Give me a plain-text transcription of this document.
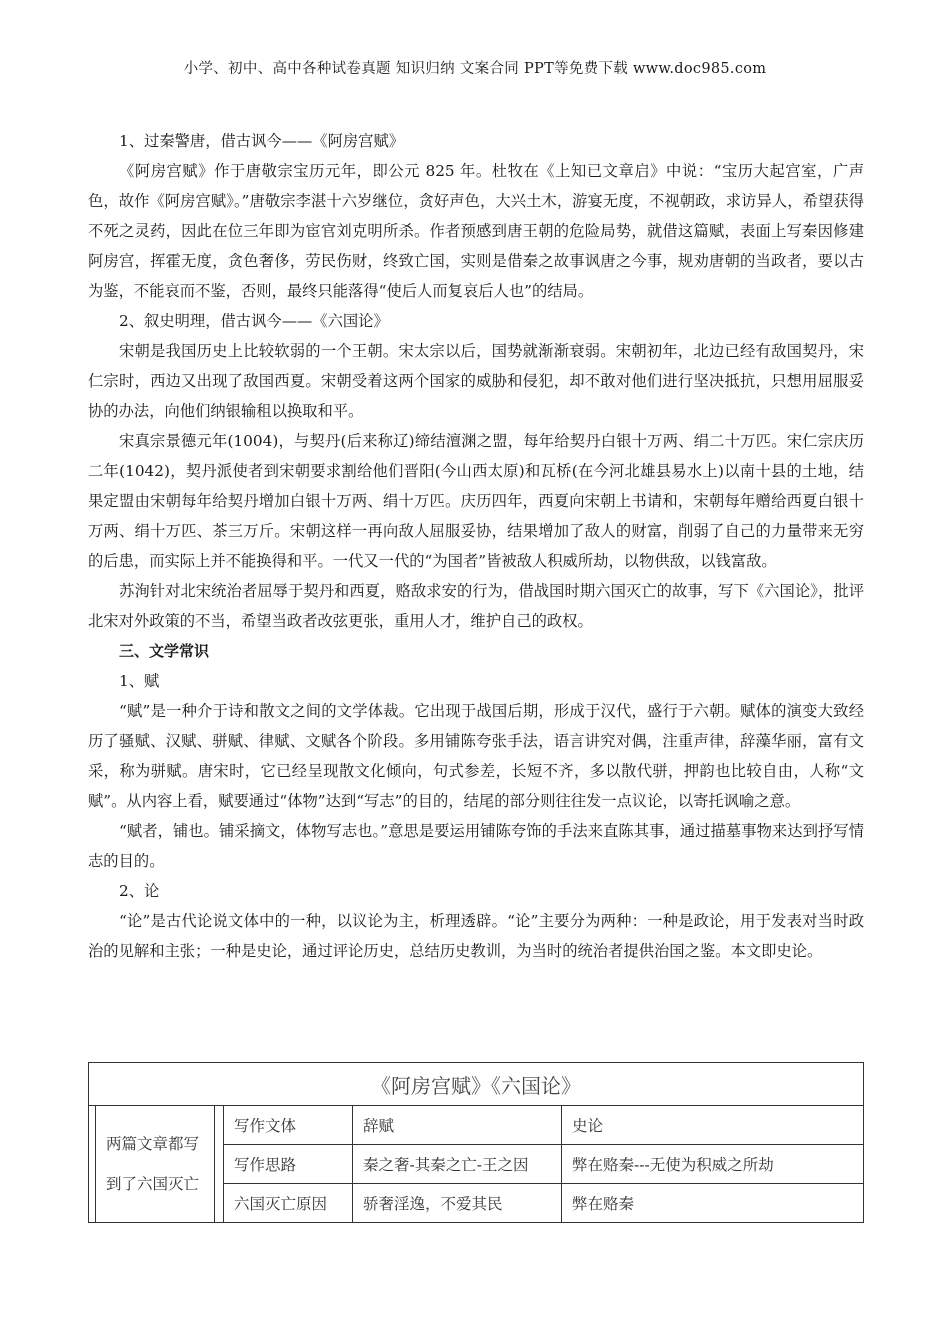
小学、初中、高中各种试卷真题 知识归纳 文案合同 PPT等免费下载 www.doc985.com

1、过秦警唐，借古讽今——《阿房宫赋》

《阿房宫赋》作于唐敬宗宝历元年，即公元 825 年。杜牧在《上知已文章启》中说：“宝历大起宫室，广声色，故作《阿房宫赋》。”唐敬宗李湛十六岁继位，贪好声色，大兴土木，游宴无度，不视朝政，求访异人，希望获得不死之灵药，因此在位三年即为宦官刘克明所杀。作者预感到唐王朝的危险局势，就借这篇赋，表面上写秦因修建阿房宫，挥霍无度，贪色奢侈，劳民伤财，终致亡国，实则是借秦之故事讽唐之今事，规劝唐朝的当政者，要以古为鉴，不能哀而不鉴，否则，最终只能落得“使后人而复哀后人也”的结局。

2、叙史明理，借古讽今——《六国论》

宋朝是我国历史上比较软弱的一个王朝。宋太宗以后，国势就渐渐衰弱。宋朝初年，北边已经有敌国契丹，宋仁宗时，西边又出现了敌国西夏。宋朝受着这两个国家的威胁和侵犯，却不敢对他们进行坚决抵抗，只想用屈服妥协的办法，向他们纳银输租以换取和平。

宋真宗景德元年(1004)，与契丹(后来称辽)缔结澶渊之盟，每年给契丹白银十万两、绢二十万匹。宋仁宗庆历二年(1042)，契丹派使者到宋朝要求割给他们晋阳(今山西太原)和瓦桥(在今河北雄县易水上)以南十县的土地，结果定盟由宋朝每年给契丹增加白银十万两、绢十万匹。庆历四年，西夏向宋朝上书请和，宋朝每年赠给西夏白银十万两、绢十万匹、茶三万斤。宋朝这样一再向敌人屈服妥协，结果增加了敌人的财富，削弱了自己的力量带来无穷的后患，而实际上并不能换得和平。一代又一代的“为国者”皆被敌人积威所劫，以物供敌，以钱富敌。

苏洵针对北宋统治者屈辱于契丹和西夏，赂敌求安的行为，借战国时期六国灭亡的故事，写下《六国论》，批评北宋对外政策的不当，希望当政者改弦更张，重用人才，维护自己的政权。

三、文学常识

1、赋

“赋”是一种介于诗和散文之间的文学体裁。它出现于战国后期，形成于汉代，盛行于六朝。赋体的演变大致经历了骚赋、汉赋、骈赋、律赋、文赋各个阶段。多用铺陈夸张手法，语言讲究对偶，注重声律，辞藻华丽，富有文采，称为骈赋。唐宋时，它已经呈现散文化倾向，句式参差，长短不齐，多以散代骈，押韵也比较自由，人称“文赋”。从内容上看，赋要通过“体物”达到“写志”的目的，结尾的部分则往往发一点议论，以寄托讽喻之意。

“赋者，铺也。铺采摘文，体物写志也。”意思是要运用铺陈夸饰的手法来直陈其事，通过描墓事物来达到抒写情志的目的。

2、论

“论”是古代论说文体中的一种，以议论为主，析理透辟。“论”主要分为两种：一种是政论，用于发表对当时政治的见解和主张；一种是史论，通过评论历史，总结历史教训，为当时的统治者提供治国之鉴。本文即史论。

《阿房宫赋》《六国论》					
	两篇文章都写到了六国灭亡		写作文体	辞赋	史论
			写作思路	秦之奢-其秦之亡-王之因	弊在赂秦---无使为积威之所劫
			六国灭亡原因	骄奢淫逸，不爱其民	弊在赂秦
